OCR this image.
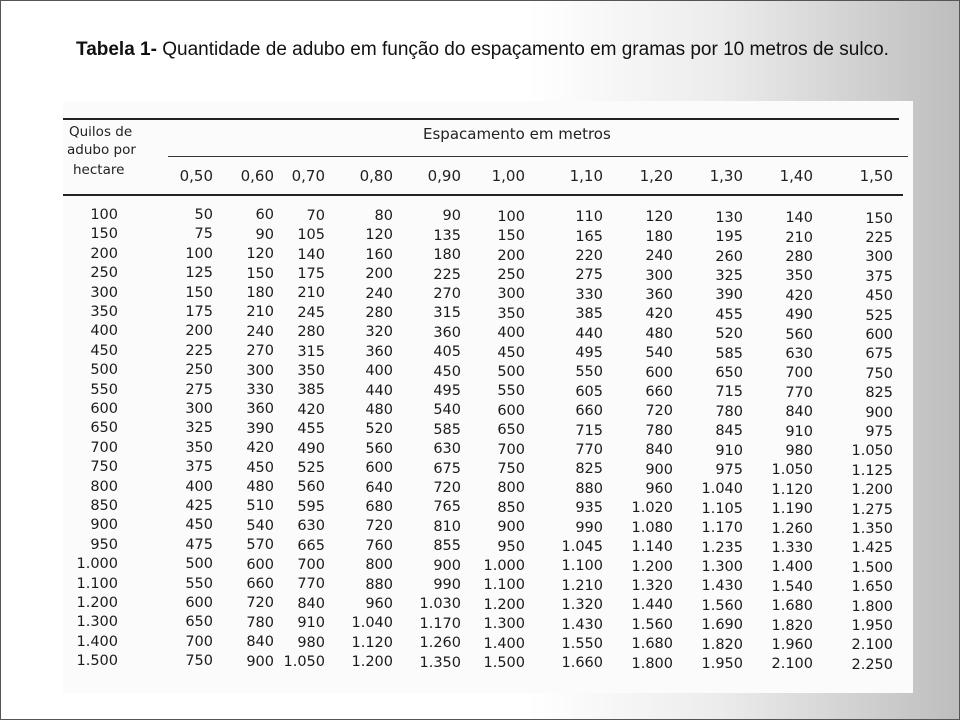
Tabela 1- Quantidade de adubo em função do espaçamento em gramas por 10 metros de sulco.
Quilos de
adubo por
hectare
Espacamento em metros
0,50	0,60	0,70	0,80	0,90	1,00	1,10	1,20	1,30	1,40	1,50
100	50	60	70	80	90	100	110	120	130	140	150
150	75	90	105	120	135	150	165	180	195	210	225
200	100	120	140	160	180	200	220	240	260	280	300
250	125	150	175	200	225	250	275	300	325	350	375
300	150	180	210	240	270	300	330	360	390	420	450
350	175	210	245	280	315	350	385	420	455	490	525
400	200	240	280	320	360	400	440	480	520	560	600
450	225	270	315	360	405	450	495	540	585	630	675
500	250	300	350	400	450	500	550	600	650	700	750
550	275	330	385	440	495	550	605	660	715	770	825
600	300	360	420	480	540	600	660	720	780	840	900
650	325	390	455	520	585	650	715	780	845	910	975
700	350	420	490	560	630	700	770	840	910	980	1.050
750	375	450	525	600	675	750	825	900	975	1.050	1.125
800	400	480	560	640	720	800	880	960	1.040	1.120	1.200
850	425	510	595	680	765	850	935	1.020	1.105	1.190	1.275
900	450	540	630	720	810	900	990	1.080	1.170	1.260	1.350
950	475	570	665	760	855	950	1.045	1.140	1.235	1.330	1.425
1.000	500	600	700	800	900	1.000	1.100	1.200	1.300	1.400	1.500
1.100	550	660	770	880	990	1.100	1.210	1.320	1.430	1.540	1.650
1.200	600	720	840	960	1.030	1.200	1.320	1.440	1.560	1.680	1.800
1.300	650	780	910	1.040	1.170	1.300	1.430	1.560	1.690	1.820	1.950
1.400	700	840	980	1.120	1.260	1.400	1.550	1.680	1.820	1.960	2.100
1.500	750	900 1.050	1.200	1.350	1.500	1.660	1.800	1.950	2.100	2.250
